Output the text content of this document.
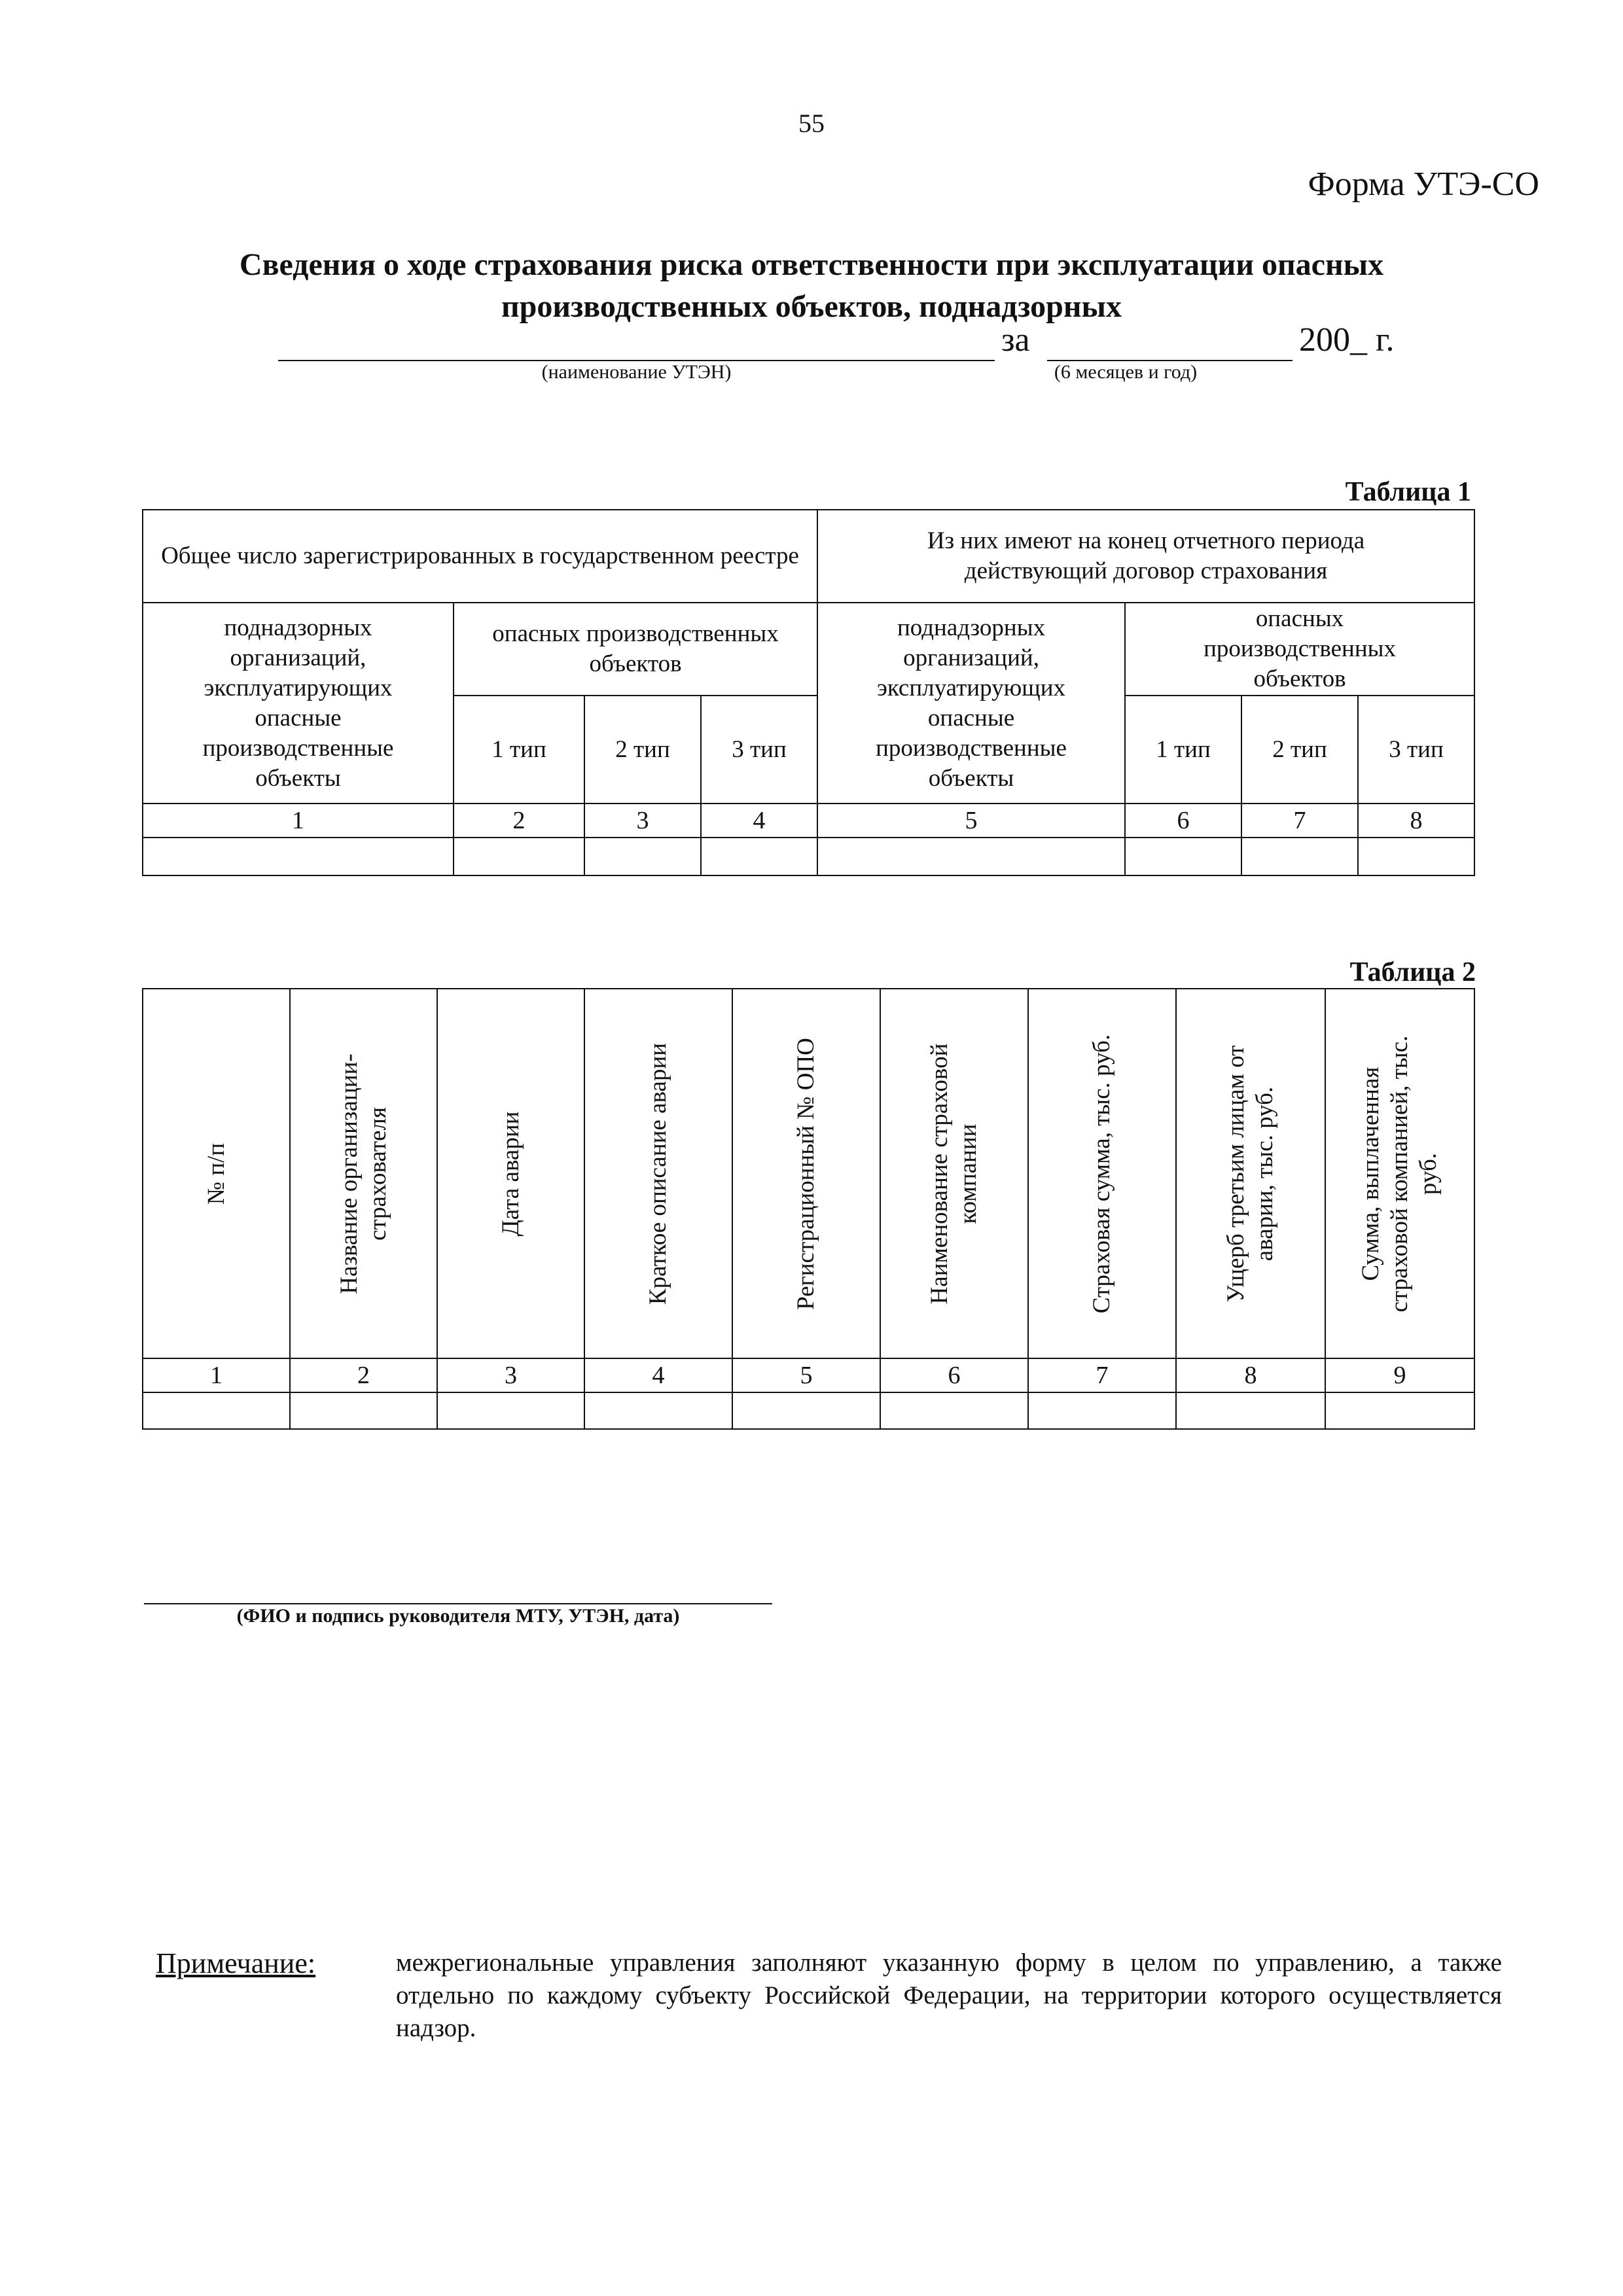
55
Форма УТЭ-СО
Сведения о ходе страхования риска ответственности при эксплуатации опасных
производственных объектов, поднадзорных
(наименование УТЭН)
за
(6 месяцев и год)
200_ г.
Таблица 1
Общее число зарегистрированных в государственном реестре				Из них имеют на конец отчетного периода действующий договор страхования			
поднадзорных организаций, эксплуатирующих опасные производственные объекты	опасных производственных объектов			поднадзорных организаций, эксплуатирующих опасные производственные объекты	опасных производственных объектов		
	1 тип	2 тип	3 тип		1 тип	2 тип	3 тип
1	2	3	4	5	6	7	8

Таблица 2
№ п/п	Название организации-страхователя	Дата аварии	Краткое описание аварии	Регистрационный № ОПО	Наименование страховой компании	Страховая сумма, тыс. руб.	Ущерб третьим лицам от аварии, тыс. руб.	Сумма, выплаченная страховой компанией, тыс. руб.

1	2	3	4	5	6	7	8	9

(ФИО и подпись руководителя МТУ, УТЭН, дата)
Примечание:	межрегиональные управления заполняют указанную форму в целом по управлению, а также отдельно по каждому субъекту Российской Федерации, на территории которого осуществляется надзор.
